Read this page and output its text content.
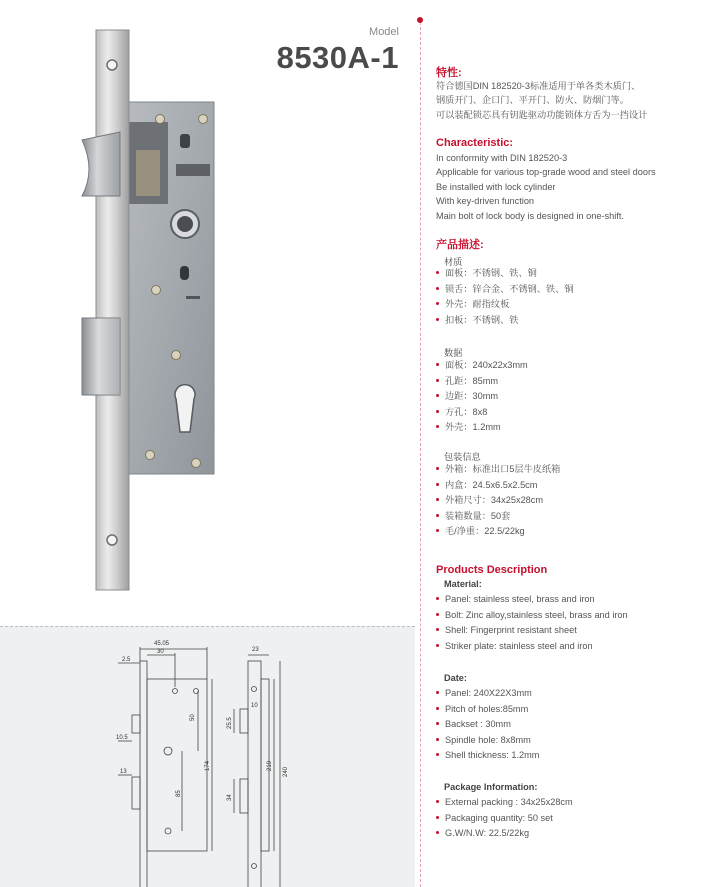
Model
8530A-1
45.05
30
2.5
50
174
85
10.5
13
23
10
25.5
210
240
34
特性:
符合德国DIN 182520-3标准适用于单各类木质门、
钢质开门、企口门、平开门、防火、防烟门等。
可以装配锁芯具有钥匙驱动功能锁体方舌为一挡设计
Characteristic:
In conformity with DIN 182520-3
Applicable for various top-grade wood and steel doors
Be installed with lock cylinder
With key-driven function
Main bolt of lock body is designed in one-shift.
产品描述:
材质
面板：不锈钢、铁、铜
锁舌：锌合金、不锈钢、铁、铜
外壳：耐指纹板
扣板：不锈钢、铁
数据
面板：240x22x3mm
孔距：85mm
边距：30mm
方孔：8x8
外壳：1.2mm
包装信息
外箱：标准出口5层牛皮纸箱
内盒：24.5x6.5x2.5cm
外箱尺寸：34x25x28cm
装箱数量：50套
毛/净重：22.5/22kg
Products Description
Material:
Panel: stainless steel, brass and iron
Bolt: Zinc alloy,stainless steel, brass and iron
Shell: Fingerprint resistant sheet
Striker plate: stainless steel and iron
Date:
Panel: 240X22X3mm
Pitch of holes:85mm
Backset : 30mm
Spindle hole: 8x8mm
Shell thickness: 1.2mm
Package Information:
External packing : 34x25x28cm
Packaging quantity: 50 set
G.W/N.W: 22.5/22kg
